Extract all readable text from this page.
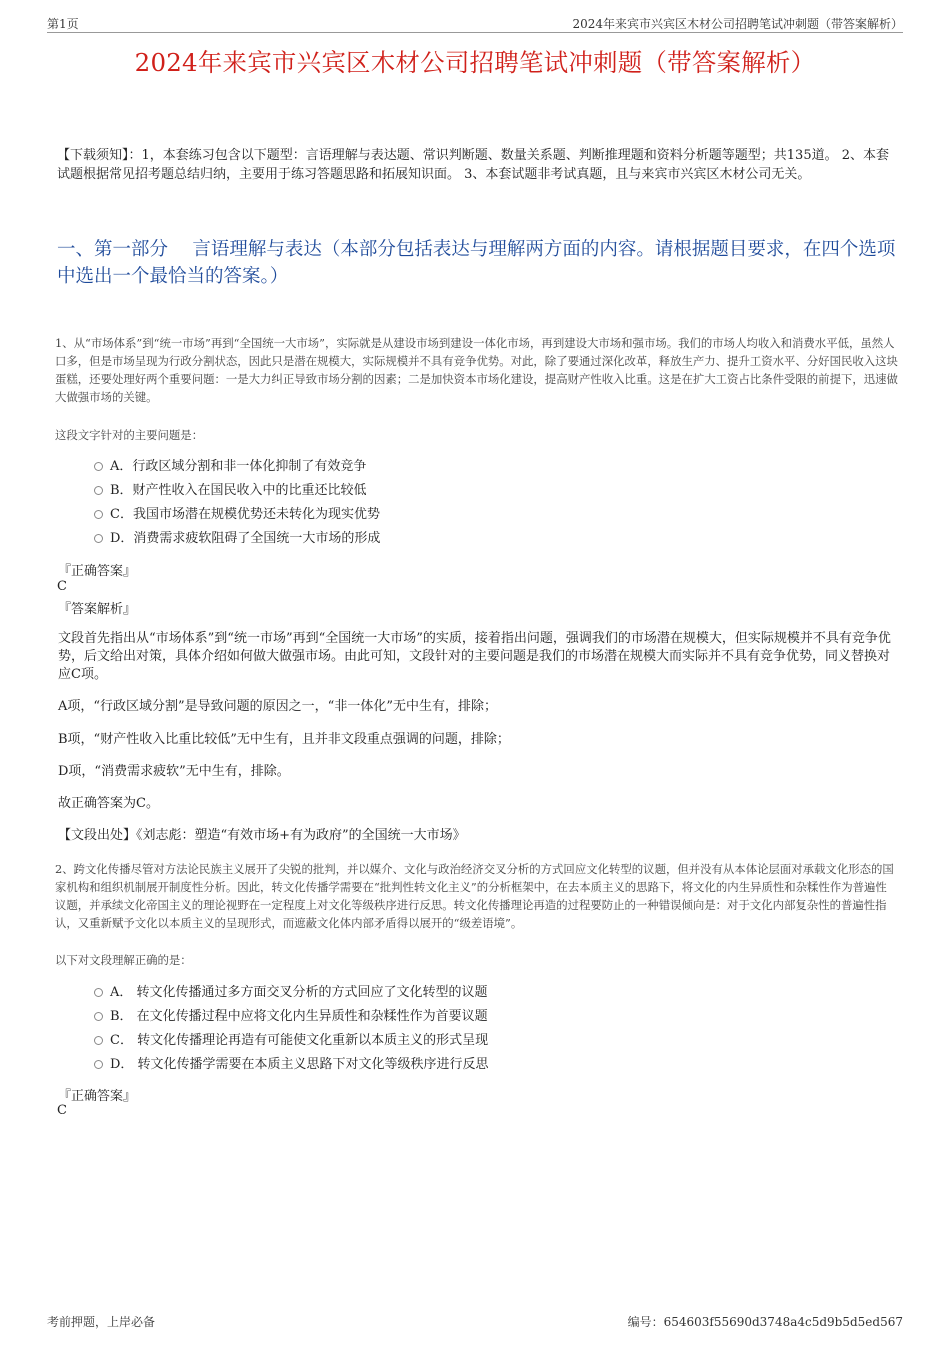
第1页	2024年来宾市兴宾区木材公司招聘笔试冲刺题（带答案解析）
2024年来宾市兴宾区木材公司招聘笔试冲刺题（带答案解析）
【下载须知】：1，本套练习包含以下题型：言语理解与表达题、常识判断题、数量关系题、判断推理题和资料分析题等题型；共135道。 2、本套试题根据常见招考题总结归纳，主要用于练习答题思路和拓展知识面。 3、本套试题非考试真题，且与来宾市兴宾区木材公司无关。
一、第一部分　 言语理解与表达（本部分包括表达与理解两方面的内容。请根据题目要求，在四个选项中选出一个最恰当的答案。）
1、从“市场体系”到“统一市场”再到“全国统一大市场”，实际就是从建设市场到建设一体化市场，再到建设大市场和强市场。我们的市场人均收入和消费水平低，虽然人口多，但是市场呈现为行政分割状态，因此只是潜在规模大，实际规模并不具有竞争优势。对此，除了要通过深化改革，释放生产力、提升工资水平、分好国民收入这块蛋糕，还要处理好两个重要问题：一是大力纠正导致市场分割的因素；二是加快资本市场化建设，提高财产性收入比重。这是在扩大工资占比条件受限的前提下，迅速做大做强市场的关键。
这段文字针对的主要问题是：
A．行政区域分割和非一体化抑制了有效竞争
B．财产性收入在国民收入中的比重还比较低
C．我国市场潜在规模优势还未转化为现实优势
D．消费需求疲软阻碍了全国统一大市场的形成
『正确答案』
C
『答案解析』
文段首先指出从“市场体系”到“统一市场”再到“全国统一大市场”的实质，接着指出问题，强调我们的市场潜在规模大，但实际规模并不具有竞争优势，后文给出对策，具体介绍如何做大做强市场。由此可知，文段针对的主要问题是我们的市场潜在规模大而实际并不具有竞争优势，同义替换对应C项。
A项，“行政区域分割”是导致问题的原因之一，“非一体化”无中生有，排除；
B项，“财产性收入比重比较低”无中生有，且并非文段重点强调的问题，排除；
D项，“消费需求疲软”无中生有，排除。
故正确答案为C。
【文段出处】《刘志彪：塑造“有效市场+有为政府”的全国统一大市场》
2、跨文化传播尽管对方法论民族主义展开了尖锐的批判，并以媒介、文化与政治经济交叉分析的方式回应文化转型的议题，但并没有从本体论层面对承载文化形态的国家机构和组织机制展开制度性分析。因此，转文化传播学需要在“批判性转文化主义”的分析框架中，在去本质主义的思路下，将文化的内生异质性和杂糅性作为普遍性议题，并承续文化帝国主义的理论视野在一定程度上对文化等级秩序进行反思。转文化传播理论再造的过程要防止的一种错误倾向是：对于文化内部复杂性的普遍性指认，又重新赋予文化以本质主义的呈现形式，而遮蔽文化体内部矛盾得以展开的“级差语境”。
以下对文段理解正确的是：
A． 转文化传播通过多方面交叉分析的方式回应了文化转型的议题
B． 在文化传播过程中应将文化内生异质性和杂糅性作为首要议题
C． 转文化传播理论再造有可能使文化重新以本质主义的形式呈现
D． 转文化传播学需要在本质主义思路下对文化等级秩序进行反思
『正确答案』
C
考前押题，上岸必备	编号：654603f55690d3748a4c5d9b5d5ed567
